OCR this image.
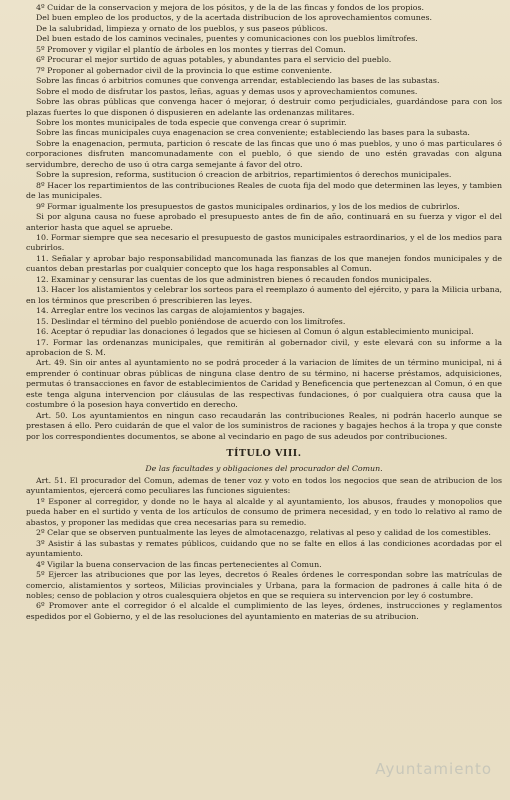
4º Cuidar de la conservacion y mejora de los pósitos, y de la de las fincas y fondos de los propios.

Del buen empleo de los productos, y de la acertada distribucion de los aprovechamientos comunes.

De la salubridad, limpieza y ornato de los pueblos, y sus paseos públicos.

Del buen estado de los caminos vecinales, puentes y comunicaciones con los pueblos limítrofes.

5º Promover y vigilar el plantío de árboles en los montes y tierras del Comun.

6º Procurar el mejor surtido de aguas potables, y abundantes para el servicio del pueblo.

7º Proponer al gobernador civil de la provincia lo que estime conveniente.

Sobre las fincas ó arbitrios comunes que convenga arrendar, estableciendo las bases de las subastas.

Sobre el modo de disfrutar los pastos, leñas, aguas y demas usos y aprovechamientos comunes.

Sobre las obras públicas que convenga hacer ó mejorar, ó destruir como perjudiciales, guardándose para con los plazas fuertes lo que disponen ó dispusieren en adelante las ordenanzas militares.

Sobre los montes municipales de toda especie que convenga crear ó suprimir.

Sobre las fincas municipales cuya enagenacion se crea conveniente; estableciendo las bases para la subasta.

Sobre la enagenacion, permuta, particion ó rescate de las fincas que uno ó mas pueblos, y uno ó mas particulares ó corporaciones disfruten mancomunadamente con el pueblo, ó que siendo de uno estén gravadas con alguna servidumbre, derecho de uso ú otra carga semejante á favor del otro.

Sobre la supresion, reforma, sustitucion ó creacion de arbitrios, repartimientos ó derechos municipales.

8º Hacer los repartimientos de las contribuciones Reales de cuota fija del modo que determinen las leyes, y tambien de las municipales.

9º Formar igualmente los presupuestos de gastos municipales ordinarios, y los de los medios de cubrirlos.

Si por alguna causa no fuese aprobado el presupuesto antes de fin de año, continuará en su fuerza y vigor el del anterior hasta que aquel se apruebe.

10. Formar siempre que sea necesario el presupuesto de gastos municipales estraordinarios, y el de los medios para cubrirlos.

11. Señalar y aprobar bajo responsabilidad mancomunada las fianzas de los que manejen fondos municipales y de cuantos deban prestarlas por cualquier concepto que los haga responsables al Comun.

12. Examinar y censurar las cuentas de los que administren bienes ó recauden fondos municipales.

13. Hacer los alistamientos y celebrar los sorteos para el reemplazo ó aumento del ejército, y para la Milicia urbana, en los términos que prescriben ó prescribieren las leyes.

14. Arreglar entre los vecinos las cargas de alojamientos y bagajes.

15. Deslindar el término del pueblo poniéndose de acuerdo con los limítrofes.

16. Aceptar ó repudiar las donaciones ó legados que se hiciesen al Comun ó algun establecimiento municipal.

17. Formar las ordenanzas municipales, que remitirán al gobernador civil, y este elevará con su informe a la aprobacion de S. M.

Art. 49. Sin oir antes al ayuntamiento no se podrá proceder á la variacion de límites de un término municipal, ni á emprender ó continuar obras públicas de ninguna clase dentro de su término, ni hacerse préstamos, adquisiciones, permutas ó transacciones en favor de establecimientos de Caridad y Beneficencia que pertenezcan al Comun, ó en que este tenga alguna intervencion por cláusulas de las respectivas fundaciones, ó por cualquiera otra causa que la costumbre ó la posesion haya convertido en derecho.

Art. 50. Los ayuntamientos en ningun caso recaudarán las contribuciones Reales, ni podrán hacerlo aunque se prestasen á ello. Pero cuidarán de que el valor de los suministros de raciones y bagajes hechos á la tropa y que conste por los correspondientes documentos, se abone al vecindario en pago de sus adeudos por contribuciones.

TÍTULO VIII.
De las facultades y obligaciones del procurador del Comun.

Art. 51. El procurador del Comun, ademas de tener voz y voto en todos los negocios que sean de atribucion de los ayuntamientos, ejercerá como peculiares las funciones siguientes:

1º Esponer al corregidor, y donde no le haya al alcalde y al ayuntamiento, los abusos, fraudes y monopolios que pueda haber en el surtido y venta de los artículos de consumo de primera necesidad, y en todo lo relativo al ramo de abastos, y proponer las medidas que crea necesarias para su remedio.

2º Celar que se observen puntualmente las leyes de almotacenazgo, relativas al peso y calidad de los comestibles.

3º Asistir á las subastas y remates públicos, cuidando que no se falte en ellos á las condiciones acordadas por el ayuntamiento.

4º Vigilar la buena conservacion de las fincas pertenecientes al Comun.

5º Ejercer las atribuciones que por las leyes, decretos ó Reales órdenes le correspondan sobre las matrículas de comercio, alistamientos y sorteos, Milicias provinciales y Urbana, para la formacion de padrones á calle hita ó de nobles; censo de poblacion y otros cualesquiera objetos en que se requiera su intervencion por ley ó costumbre.

6º Promover ante el corregidor ó el alcalde el cumplimiento de las leyes, órdenes, instrucciones y reglamentos espedidos por el Gobierno, y el de las resoluciones del ayuntamiento en materias de su atribucion.

Ayuntamiento
